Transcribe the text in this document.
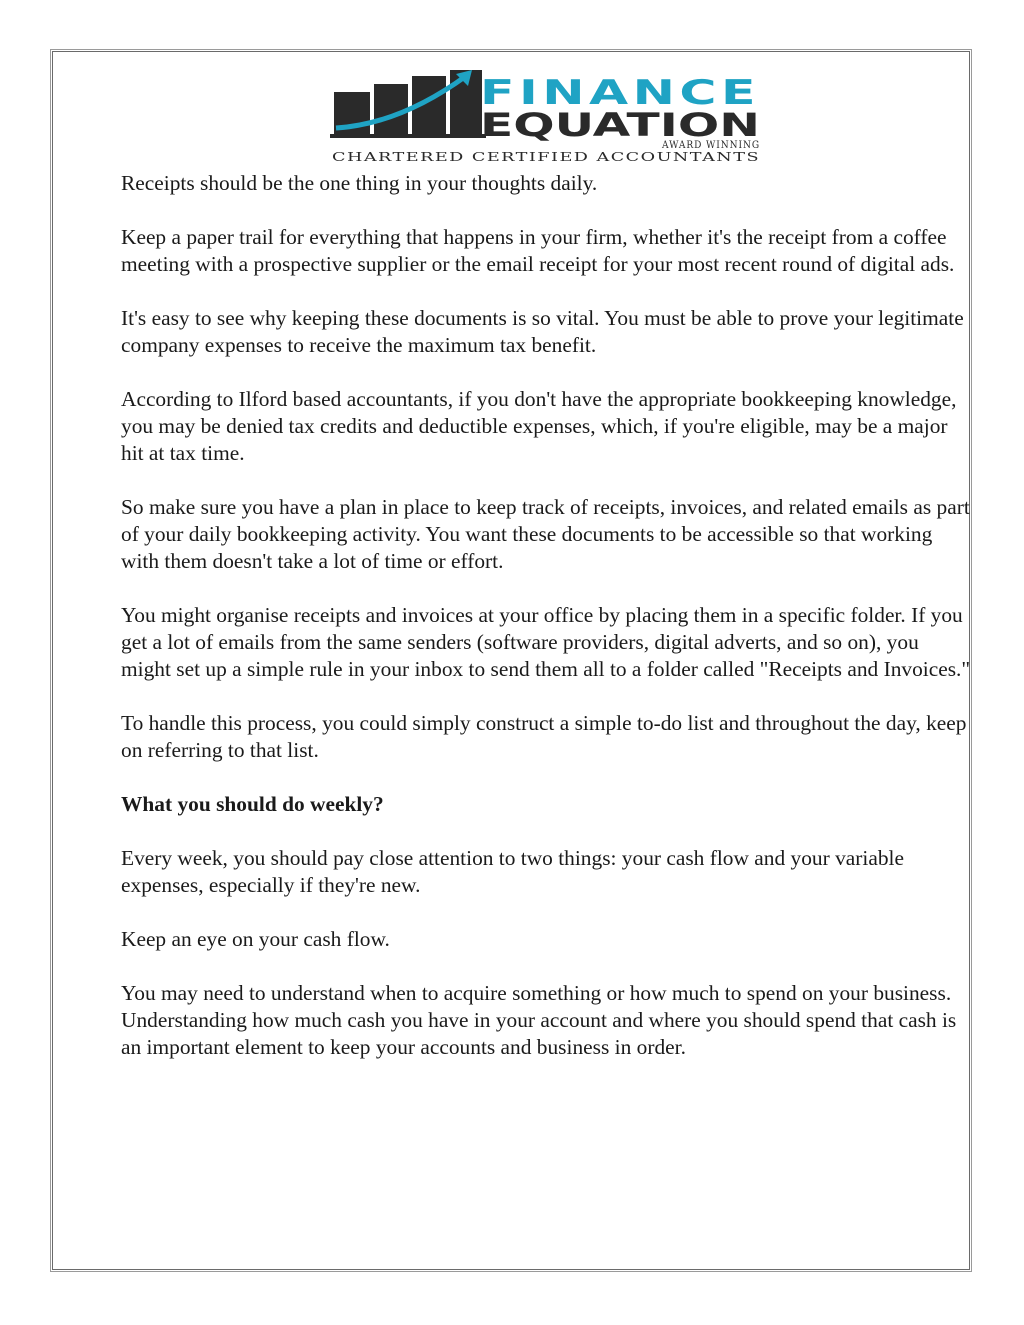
FINANCE
EQUATION
AWARD WINNING
CHARTERED CERTIFIED ACCOUNTANTS

Receipts should be the one thing in your thoughts daily.

Keep a paper trail for everything that happens in your firm, whether it's the receipt from a coffee meeting with a prospective supplier or the email receipt for your most recent round of digital ads.

It's easy to see why keeping these documents is so vital. You must be able to prove your legitimate company expenses to receive the maximum tax benefit.

According to Ilford based accountants, if you don't have the appropriate bookkeeping knowledge, you may be denied tax credits and deductible expenses, which, if you're eligible, may be a major hit at tax time.

So make sure you have a plan in place to keep track of receipts, invoices, and related emails as part of your daily bookkeeping activity. You want these documents to be accessible so that working with them doesn't take a lot of time or effort.

You might organise receipts and invoices at your office by placing them in a specific folder. If you get a lot of emails from the same senders (software providers, digital adverts, and so on), you might set up a simple rule in your inbox to send them all to a folder called "Receipts and Invoices."

To handle this process, you could simply construct a simple to-do list and throughout the day, keep on referring to that list.

What you should do weekly?

Every week, you should pay close attention to two things: your cash flow and your variable expenses, especially if they're new.

Keep an eye on your cash flow.

You may need to understand when to acquire something or how much to spend on your business. Understanding how much cash you have in your account and where you should spend that cash is an important element to keep your accounts and business in order.
